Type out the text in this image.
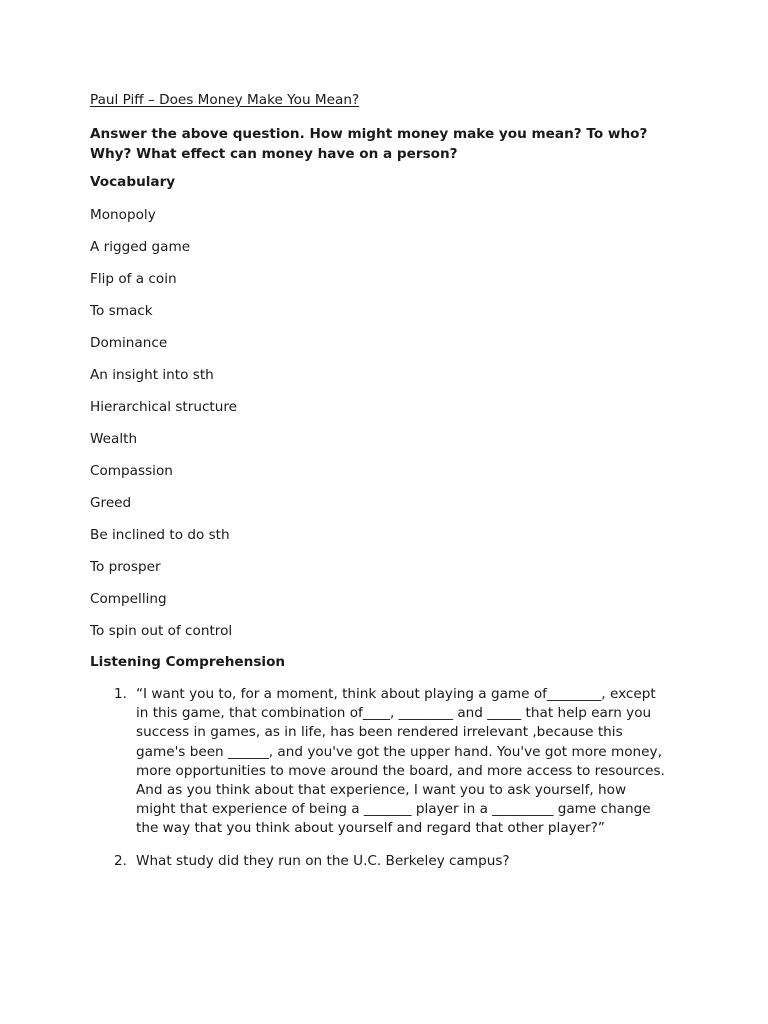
Paul Piff – Does Money Make You Mean?
Answer the above question. How might money make you mean? To who? Why? What effect can money have on a person?
Vocabulary
Monopoly
A rigged game
Flip of a coin
To smack
Dominance
An insight into sth
Hierarchical structure
Wealth
Compassion
Greed
Be inclined to do sth
To prosper
Compelling
To spin out of control
Listening Comprehension
1. “I want you to, for a moment, think about playing a game of________, except
in this game, that combination of____, ________ and _____ that help earn you
success in games, as in life, has been rendered irrelevant ,because this
game's been ______, and you've got the upper hand. You've got more money,
more opportunities to move around the board, and more access to resources.
And as you think about that experience, I want you to ask yourself, how
might that experience of being a _______ player in a _________ game change
the way that you think about yourself and regard that other player?”
2. What study did they run on the U.C. Berkeley campus?
